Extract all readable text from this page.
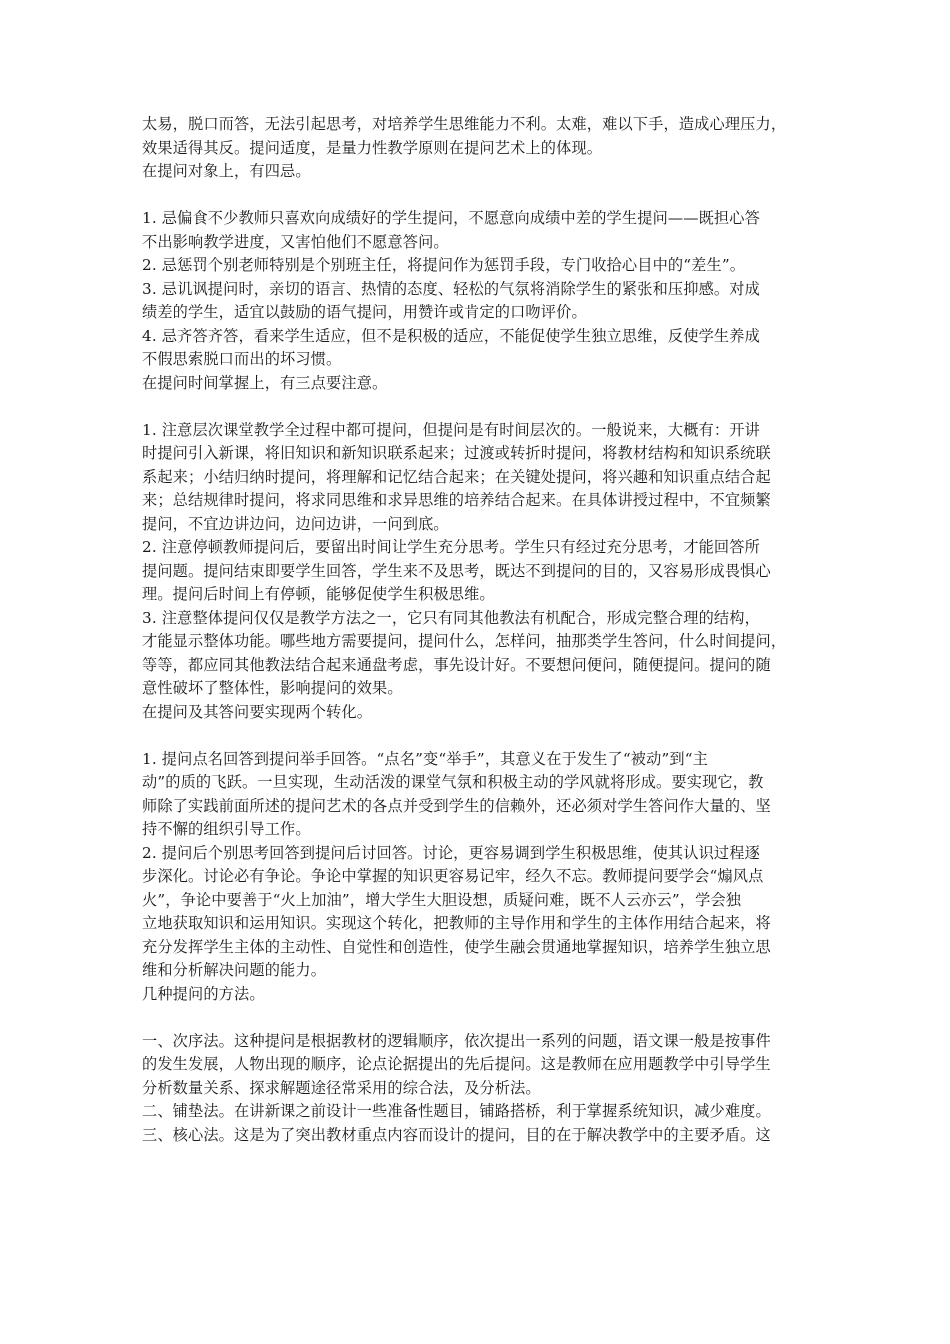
太易，脱口而答，无法引起思考，对培养学生思维能力不利。太难，难以下手，造成心理压力，
效果适得其反。提问适度，是量力性教学原则在提问艺术上的体现。
在提问对象上，有四忌。
1. 忌偏食不少教师只喜欢向成绩好的学生提问，不愿意向成绩中差的学生提问——既担心答
不出影响教学进度，又害怕他们不愿意答问。
2. 忌惩罚个别老师特别是个别班主任，将提问作为惩罚手段，专门收拾心目中的“差生”。
3. 忌讥讽提问时，亲切的语言、热情的态度、轻松的气氛将消除学生的紧张和压抑感。对成
绩差的学生，适宜以鼓励的语气提问，用赞许或肯定的口吻评价。
4. 忌齐答齐答，看来学生适应，但不是积极的适应，不能促使学生独立思维，反使学生养成
不假思索脱口而出的坏习惯。
在提问时间掌握上，有三点要注意。
1. 注意层次课堂教学全过程中都可提问，但提问是有时间层次的。一般说来，大概有：开讲
时提问引入新课，将旧知识和新知识联系起来；过渡或转折时提问，将教材结构和知识系统联
系起来；小结归纳时提问，将理解和记忆结合起来；在关键处提问，将兴趣和知识重点结合起
来；总结规律时提问，将求同思维和求异思维的培养结合起来。在具体讲授过程中，不宜频繁
提问，不宜边讲边问，边问边讲，一问到底。
2. 注意停顿教师提问后，要留出时间让学生充分思考。学生只有经过充分思考，才能回答所
提问题。提问结束即要学生回答，学生来不及思考，既达不到提问的目的，又容易形成畏惧心
理。提问后时间上有停顿，能够促使学生积极思维。
3. 注意整体提问仅仅是教学方法之一，它只有同其他教法有机配合，形成完整合理的结构，
才能显示整体功能。哪些地方需要提问，提问什么，怎样问，抽那类学生答问，什么时间提问，
等等，都应同其他教法结合起来通盘考虑，事先设计好。不要想问便问，随便提问。提问的随
意性破坏了整体性，影响提问的效果。
在提问及其答问要实现两个转化。
1. 提问点名回答到提问举手回答。“点名”变“举手”，其意义在于发生了“被动”到“主
动”的质的飞跃。一旦实现，生动活泼的课堂气氛和积极主动的学风就将形成。要实现它，教
师除了实践前面所述的提问艺术的各点并受到学生的信赖外，还必须对学生答问作大量的、坚
持不懈的组织引导工作。
2. 提问后个别思考回答到提问后讨回答。讨论，更容易调到学生积极思维，使其认识过程逐
步深化。讨论必有争论。争论中掌握的知识更容易记牢，经久不忘。教师提问要学会“煽风点
火”，争论中要善于“火上加油”，增大学生大胆设想，质疑问难，既不人云亦云”，学会独
立地获取知识和运用知识。实现这个转化，把教师的主导作用和学生的主体作用结合起来，将
充分发挥学生主体的主动性、自觉性和创造性，使学生融会贯通地掌握知识，培养学生独立思
维和分析解决问题的能力。
几种提问的方法。
一、次序法。这种提问是根据教材的逻辑顺序，依次提出一系列的问题，语文课一般是按事件
的发生发展，人物出现的顺序，论点论据提出的先后提问。这是教师在应用题教学中引导学生
分析数量关系、探求解题途径常采用的综合法，及分析法。
二、铺垫法。在讲新课之前设计一些准备性题目，铺路搭桥，利于掌握系统知识，减少难度。
三、核心法。这是为了突出教材重点内容而设计的提问，目的在于解决教学中的主要矛盾。这
